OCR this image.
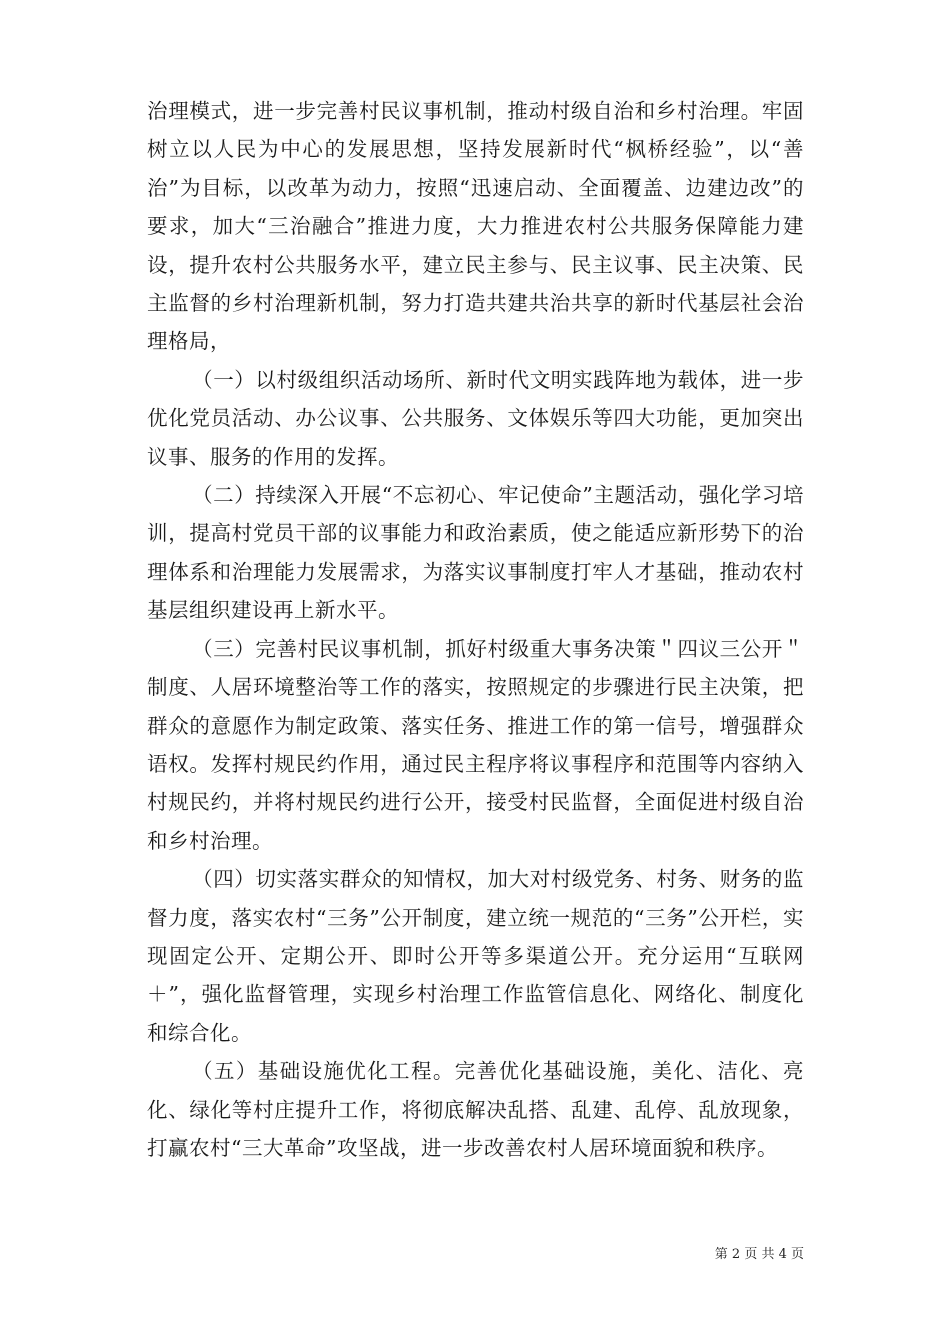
治理模式，进一步完善村民议事机制，推动村级自治和乡村治理。牢固树立以人民为中心的发展思想，坚持发展新时代“枫桥经验”，以“善治”为目标，以改革为动力，按照“迅速启动、全面覆盖、边建边改”的要求，加大“三治融合”推进力度，大力推进农村公共服务保障能力建设，提升农村公共服务水平，建立民主参与、民主议事、民主决策、民主监督的乡村治理新机制，努力打造共建共治共享的新时代基层社会治理格局，

（一）以村级组织活动场所、新时代文明实践阵地为载体，进一步优化党员活动、办公议事、公共服务、文体娱乐等四大功能，更加突出议事、服务的作用的发挥。

（二）持续深入开展“不忘初心、牢记使命”主题活动，强化学习培训，提高村党员干部的议事能力和政治素质，使之能适应新形势下的治理体系和治理能力发展需求，为落实议事制度打牢人才基础，推动农村基层组织建设再上新水平。

（三）完善村民议事机制，抓好村级重大事务决策＂四议三公开＂制度、人居环境整治等工作的落实，按照规定的步骤进行民主决策，把群众的意愿作为制定政策、落实任务、推进工作的第一信号，增强群众语权。发挥村规民约作用，通过民主程序将议事程序和范围等内容纳入村规民约，并将村规民约进行公开，接受村民监督，全面促进村级自治和乡村治理。

（四）切实落实群众的知情权，加大对村级党务、村务、财务的监督力度，落实农村“三务”公开制度，建立统一规范的“三务”公开栏，实现固定公开、定期公开、即时公开等多渠道公开。充分运用“互联网＋”，强化监督管理，实现乡村治理工作监管信息化、网络化、制度化和综合化。

（五）基础设施优化工程。完善优化基础设施，美化、洁化、亮化、绿化等村庄提升工作，将彻底解决乱搭、乱建、乱停、乱放现象，打赢农村“三大革命”攻坚战，进一步改善农村人居环境面貌和秩序。

第 2 页 共 4 页
